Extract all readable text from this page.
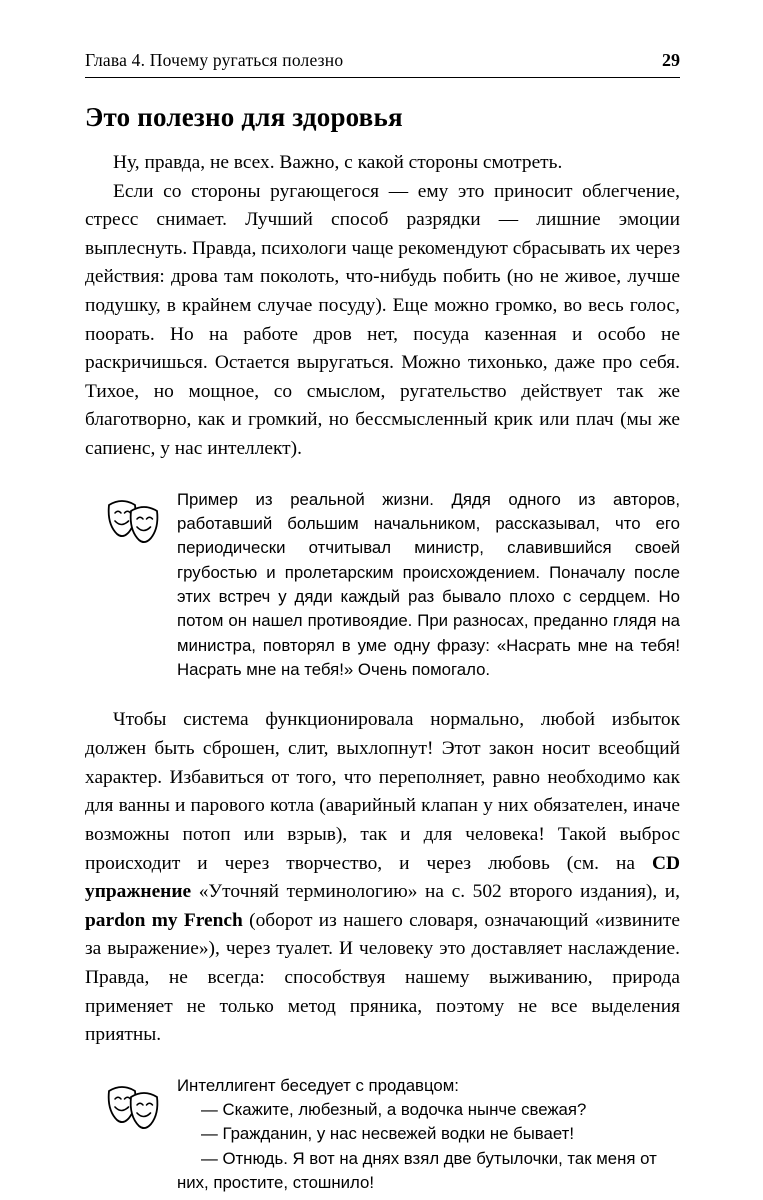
Глава 4. Почему ругаться полезно	29
Это полезно для здоровья

Ну, правда, не всех. Важно, с какой стороны смотреть.

Если со стороны ругающегося — ему это приносит облегчение, стресс снимает. Лучший способ разрядки — лишние эмоции выплеснуть. Правда, психологи чаще рекомендуют сбрасывать их через действия: дрова там поколоть, что-нибудь побить (но не живое, лучше подушку, в крайнем случае посуду). Еще можно громко, во весь голос, поорать. Но на работе дров нет, посуда казенная и особо не раскричишься. Остается выругаться. Можно тихонько, даже про себя. Тихое, но мощное, со смыслом, ругательство действует так же благотворно, как и громкий, но бессмысленный крик или плач (мы же сапиенс, у нас интеллект).

Пример из реальной жизни. Дядя одного из авторов, работавший большим начальником, рассказывал, что его периодически отчитывал министр, славившийся своей грубостью и пролетарским происхождением. Поначалу после этих встреч у дяди каждый раз бывало плохо с сердцем. Но потом он нашел противоядие. При разносах, преданно глядя на министра, повторял в уме одну фразу: «Насрать мне на тебя! Насрать мне на тебя!» Очень помогало.

Чтобы система функционировала нормально, любой избыток должен быть сброшен, слит, выхлопнут! Этот закон носит всеобщий характер. Избавиться от того, что переполняет, равно необходимо как для ванны и парового котла (аварийный клапан у них обязателен, иначе возможны потоп или взрыв), так и для человека! Такой выброс происходит и через творчество, и через любовь (см. на CD упражнение «Уточняй терминологию» на с. 502 второго издания), и, pardon my French (оборот из нашего словаря, означающий «извините за выражение»), через туалет. И человеку это доставляет наслаждение. Правда, не всегда: способствуя нашему выживанию, природа применяет не только метод пряника, поэтому не все выделения приятны.

Интеллигент беседует с продавцом:

— Скажите, любезный, а водочка нынче свежая?

— Гражданин, у нас несвежей водки не бывает!

— Отнюдь. Я вот на днях взял две бутылочки, так меня от них, простите, стошнило!
